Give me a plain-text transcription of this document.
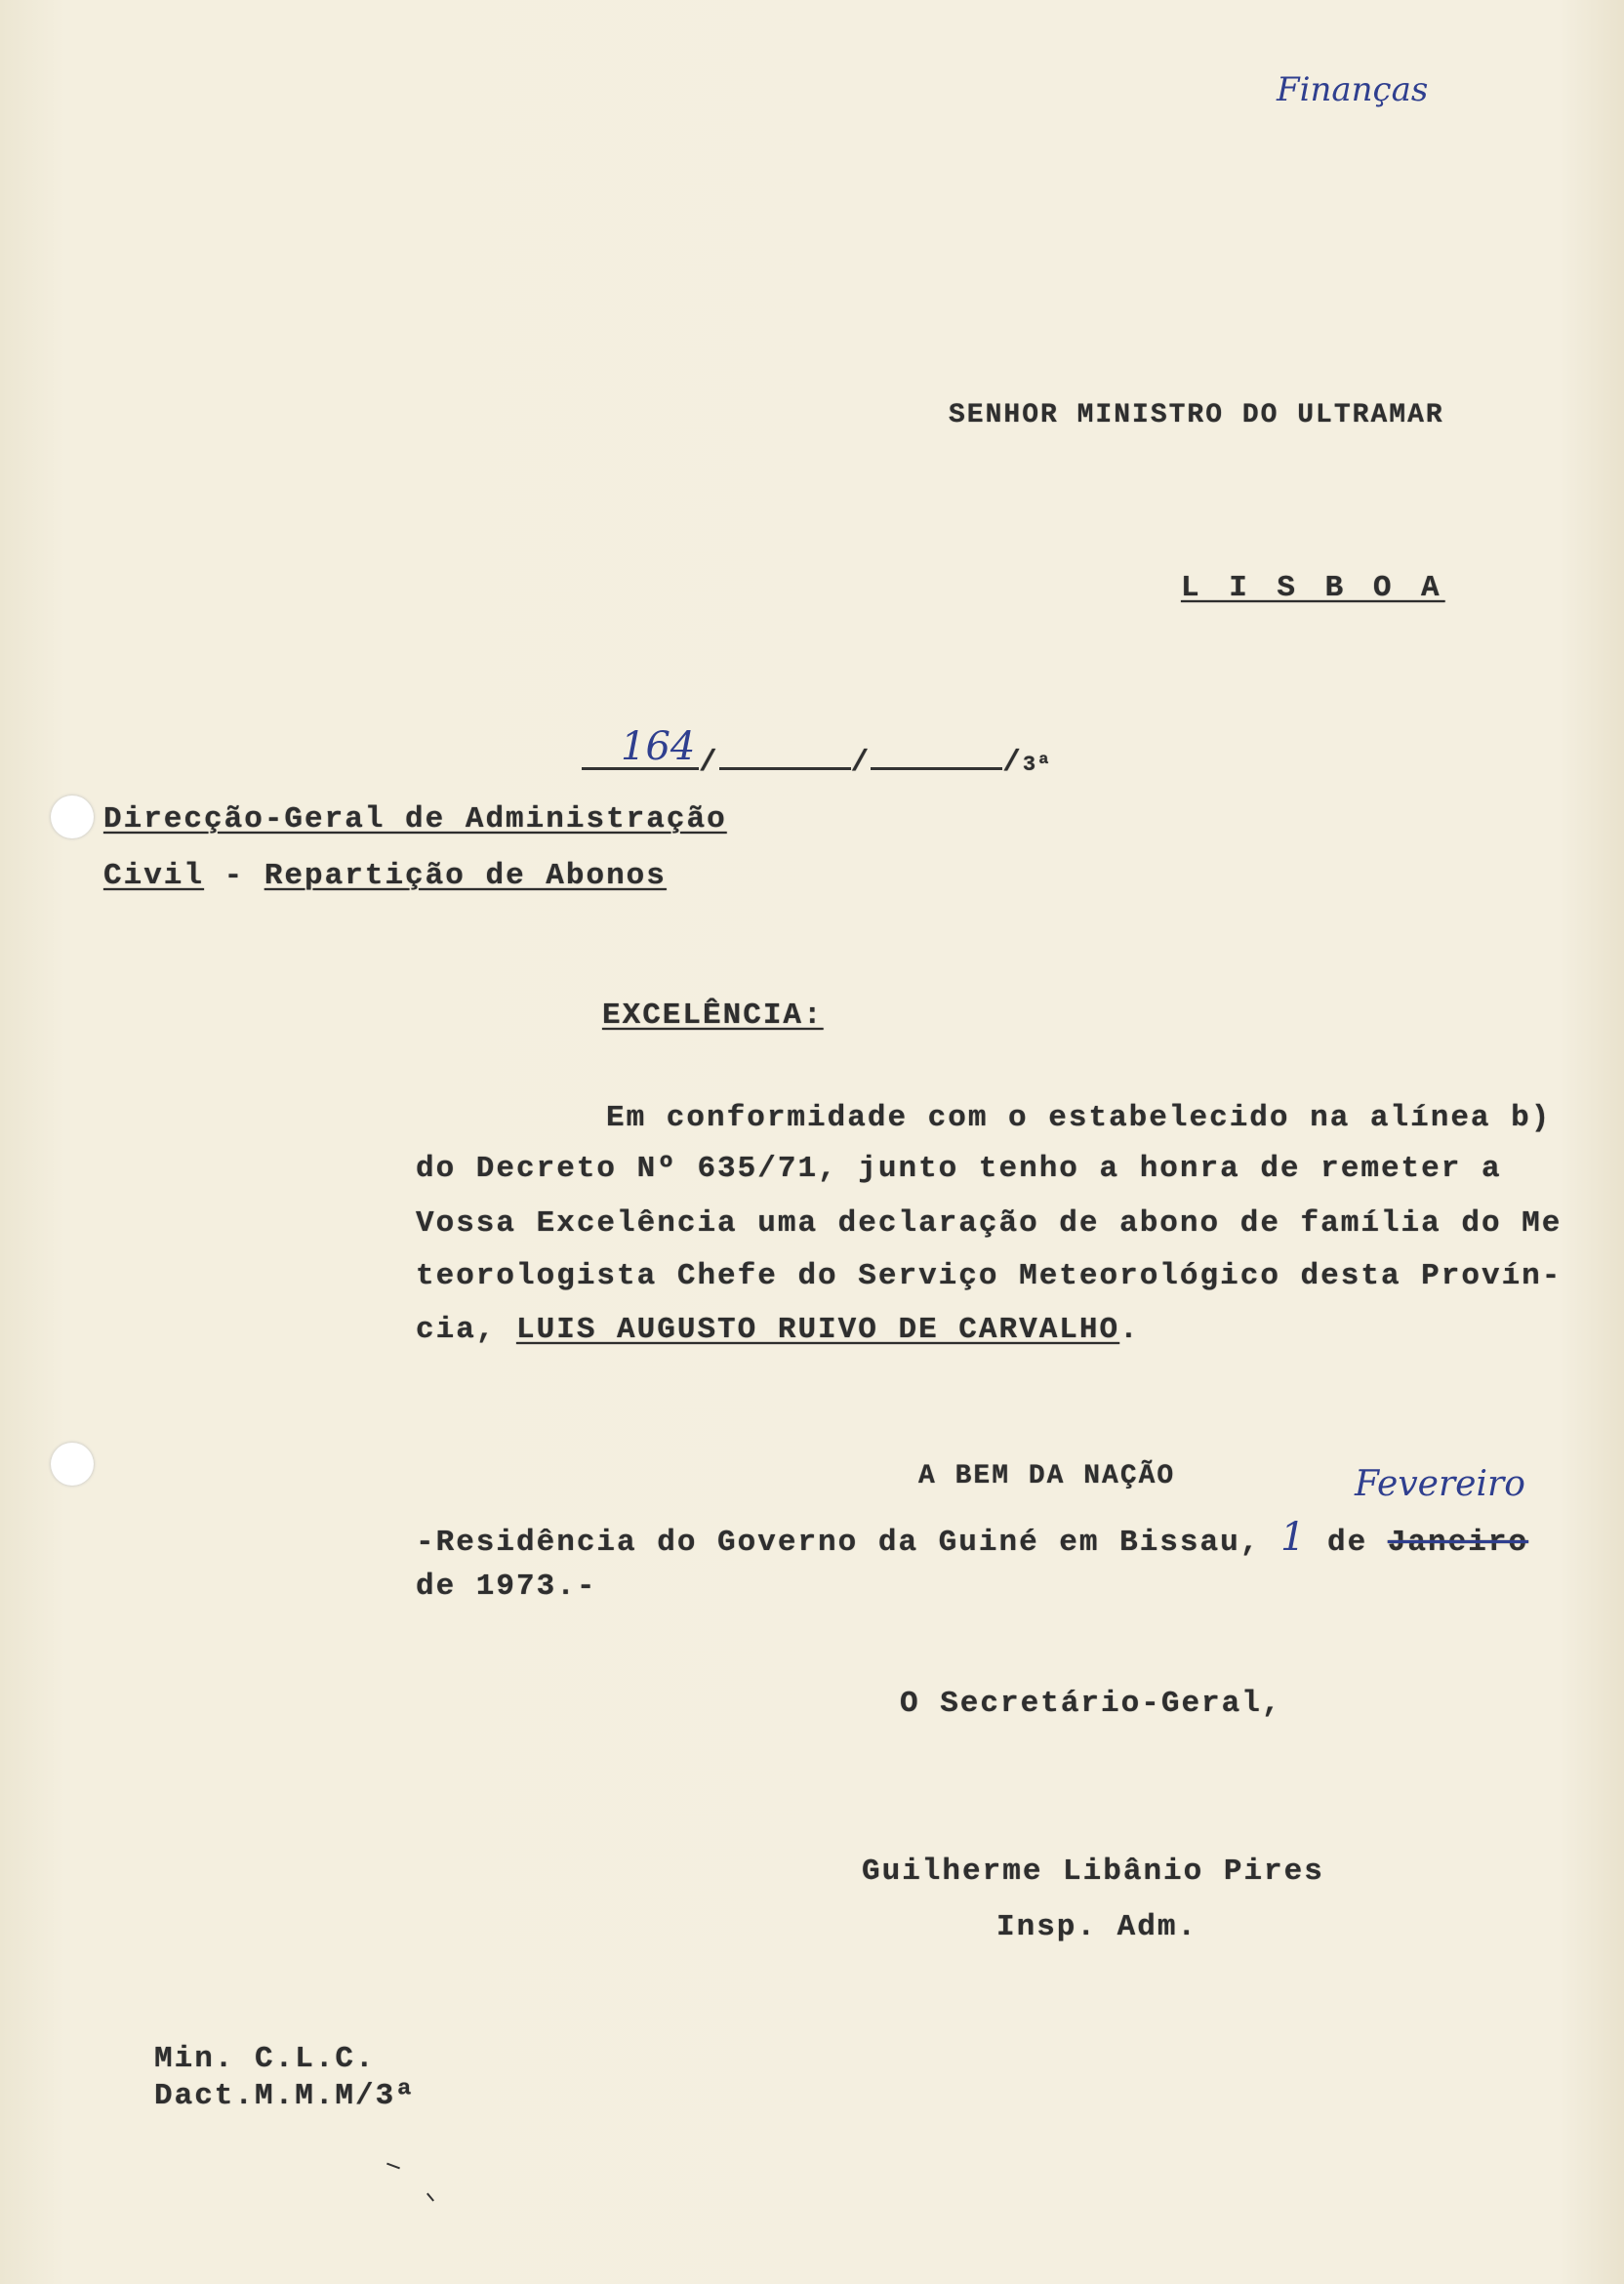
Finanças
SENHOR MINISTRO DO ULTRAMAR
L I S B O A
/	/	/3ª
164
Direcção-Geral de Administração
Civil - Repartição de Abonos
EXCELÊNCIA:
Em conformidade com o estabelecido na alínea b)
do Decreto Nº 635/71, junto tenho a honra de remeter a
Vossa Excelência uma declaração de abono de família do Me
teorologista Chefe do Serviço Meteorológico desta Provín-
cia, LUIS AUGUSTO RUIVO DE CARVALHO.
A BEM DA NAÇÃO	Fevereiro
-Residência do Governo da Guiné em Bissau, 1 de Janeiro
de 1973.-
O Secretário-Geral,
Guilherme Libânio Pires
Insp. Adm.
Min. C.L.C.
Dact.M.M.M/3ª
